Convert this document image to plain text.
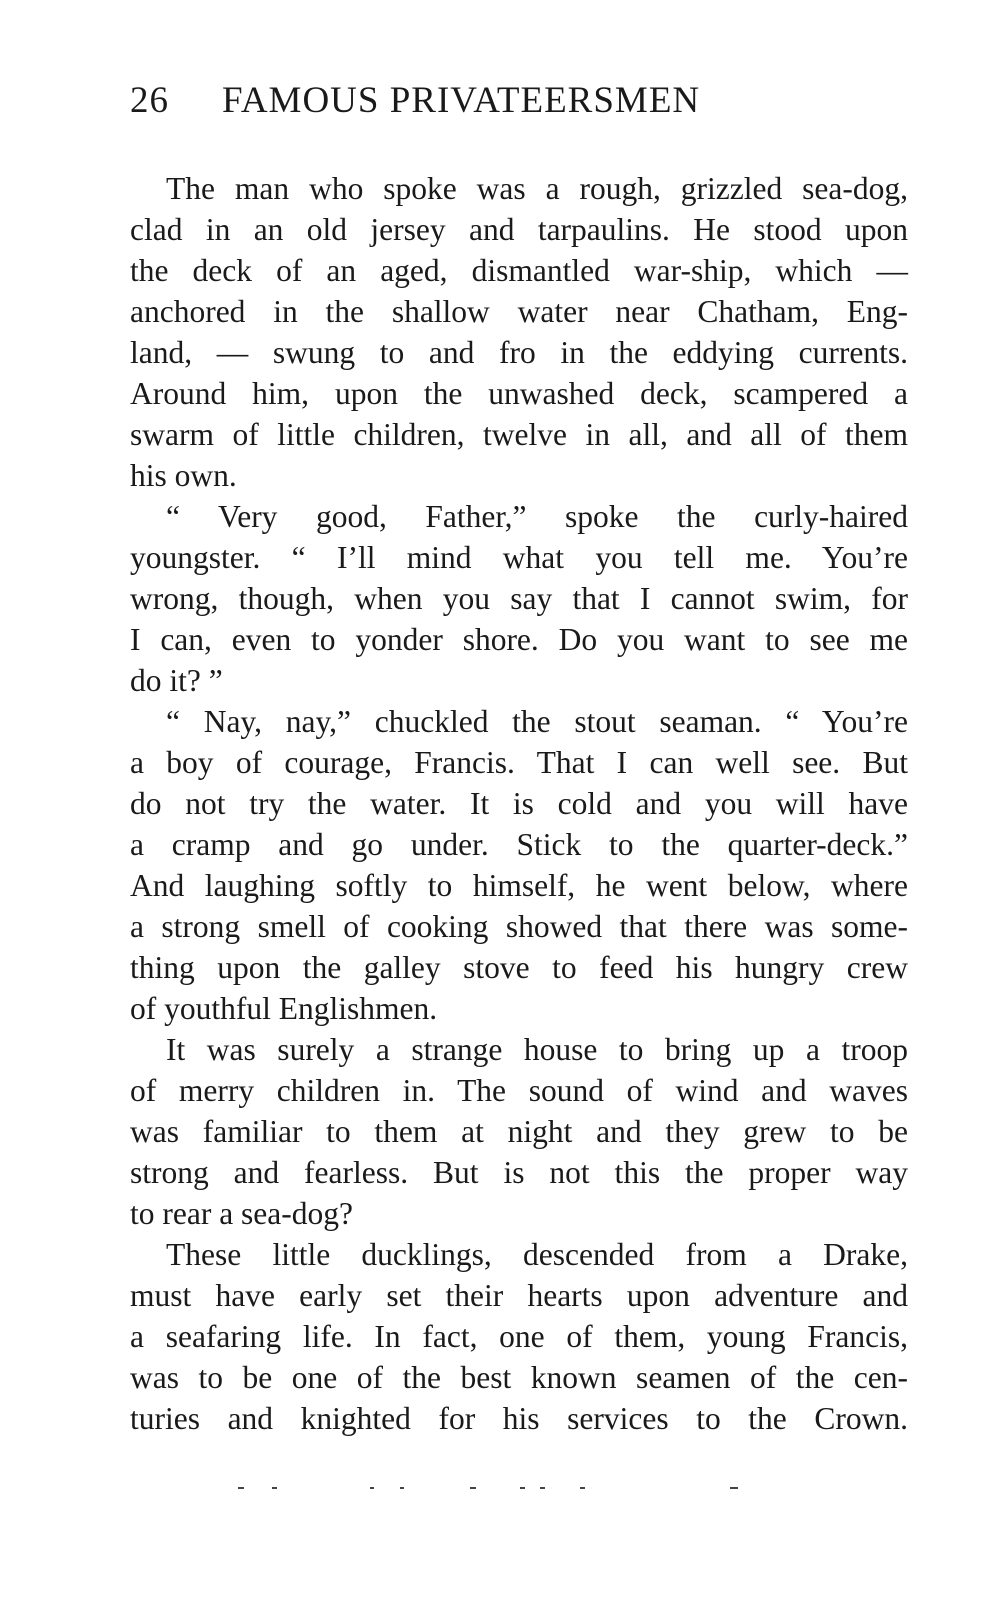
26 FAMOUS PRIVATEERSMEN
The man who spoke was a rough, grizzled sea-dog,
clad in an old jersey and tarpaulins. He stood upon
the deck of an aged, dismantled war-ship, which —
anchored in the shallow water near Chatham, Eng-
land, — swung to and fro in the eddying currents.
Around him, upon the unwashed deck, scampered a
swarm of little children, twelve in all, and all of them
his own.
“ Very good, Father,” spoke the curly-haired
youngster. “ I’ll mind what you tell me. You’re
wrong, though, when you say that I cannot swim, for
I can, even to yonder shore. Do you want to see me
do it? ”
“ Nay, nay,” chuckled the stout seaman. “ You’re
a boy of courage, Francis. That I can well see. But
do not try the water. It is cold and you will have
a cramp and go under. Stick to the quarter-deck.”
And laughing softly to himself, he went below, where
a strong smell of cooking showed that there was some-
thing upon the galley stove to feed his hungry crew
of youthful Englishmen.
It was surely a strange house to bring up a troop
of merry children in. The sound of wind and waves
was familiar to them at night and they grew to be
strong and fearless. But is not this the proper way
to rear a sea-dog?
These little ducklings, descended from a Drake,
must have early set their hearts upon adventure and
a seafaring life. In fact, one of them, young Francis,
was to be one of the best known seamen of the cen-
turies and knighted for his services to the Crown.
